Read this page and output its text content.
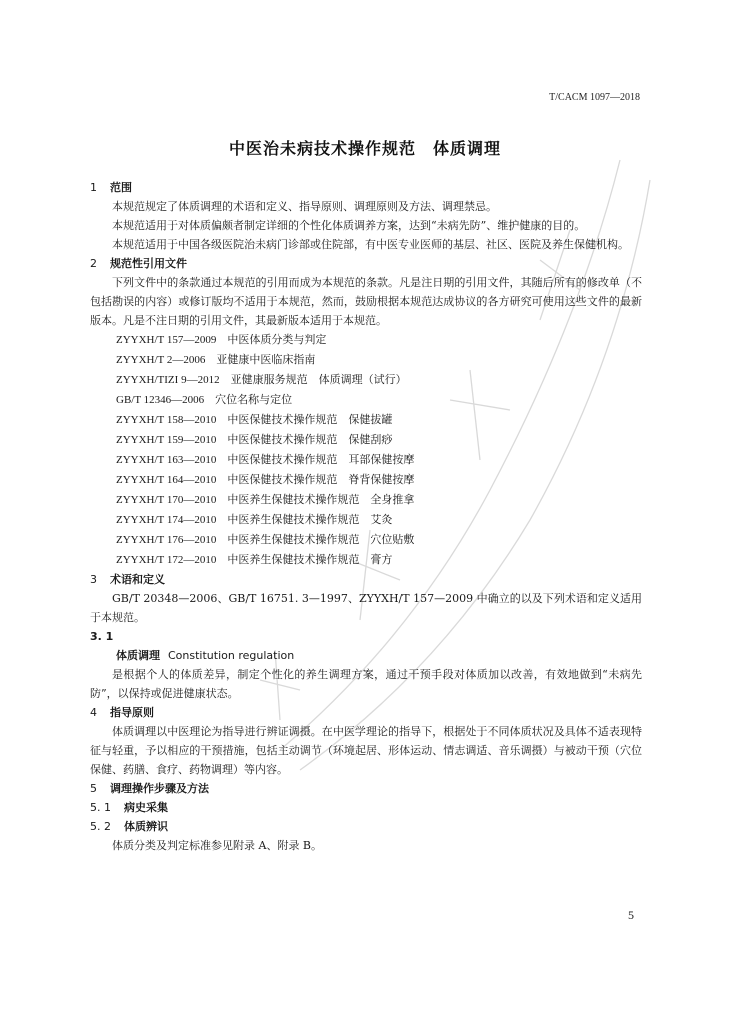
T/CACM 1097—2018
中医治未病技术操作规范　体质调理
1 范围
本规范规定了体质调理的术语和定义、指导原则、调理原则及方法、调理禁忌。
本规范适用于对体质偏颇者制定详细的个性化体质调养方案，达到“未病先防”、维护健康的目的。
本规范适用于中国各级医院治未病门诊部或住院部，有中医专业医师的基层、社区、医院及养生保健机构。
2 规范性引用文件
下列文件中的条款通过本规范的引用而成为本规范的条款。凡是注日期的引用文件，其随后所有的修改单（不包括勘误的内容）或修订版均不适用于本规范，然而，鼓励根据本规范达成协议的各方研究可使用这些文件的最新版本。凡是不注日期的引用文件，其最新版本适用于本规范。
ZYYXH/T 157—2009　 中医体质分类与判定
ZYYXH/T 2—2006　 亚健康中医临床指南
ZYYXH/TIZI 9—2012　 亚健康服务规范　体质调理（试行）
GB/T 12346—2006　 穴位名称与定位
ZYYXH/T 158—2010　 中医保健技术操作规范　保健拔罐
ZYYXH/T 159—2010　 中医保健技术操作规范　保健刮痧
ZYYXH/T 163—2010　 中医保健技术操作规范　耳部保健按摩
ZYYXH/T 164—2010　 中医保健技术操作规范　脊背保健按摩
ZYYXH/T 170—2010　 中医养生保健技术操作规范　全身推拿
ZYYXH/T 174—2010　 中医养生保健技术操作规范　艾灸
ZYYXH/T 176—2010　 中医养生保健技术操作规范　穴位贴敷
ZYYXH/T 172—2010　 中医养生保健技术操作规范　膏方
3 术语和定义
GB/T 20348—2006、GB/T 16751. 3—1997、ZYYXH/T 157—2009 中确立的以及下列术语和定义适用于本规范。
3. 1
体质调理 Constitution regulation
是根据个人的体质差异，制定个性化的养生调理方案，通过干预手段对体质加以改善，有效地做到“未病先防”，以保持或促进健康状态。
4 指导原则
体质调理以中医理论为指导进行辨证调摄。在中医学理论的指导下，根据处于不同体质状况及具体不适表现特征与轻重，予以相应的干预措施，包括主动调节（环境起居、形体运动、情志调适、音乐调摄）与被动干预（穴位保健、药膳、食疗、药物调理）等内容。
5 调理操作步骤及方法
5. 1 病史采集
5. 2 体质辨识
体质分类及判定标准参见附录 A、附录 B。
5
